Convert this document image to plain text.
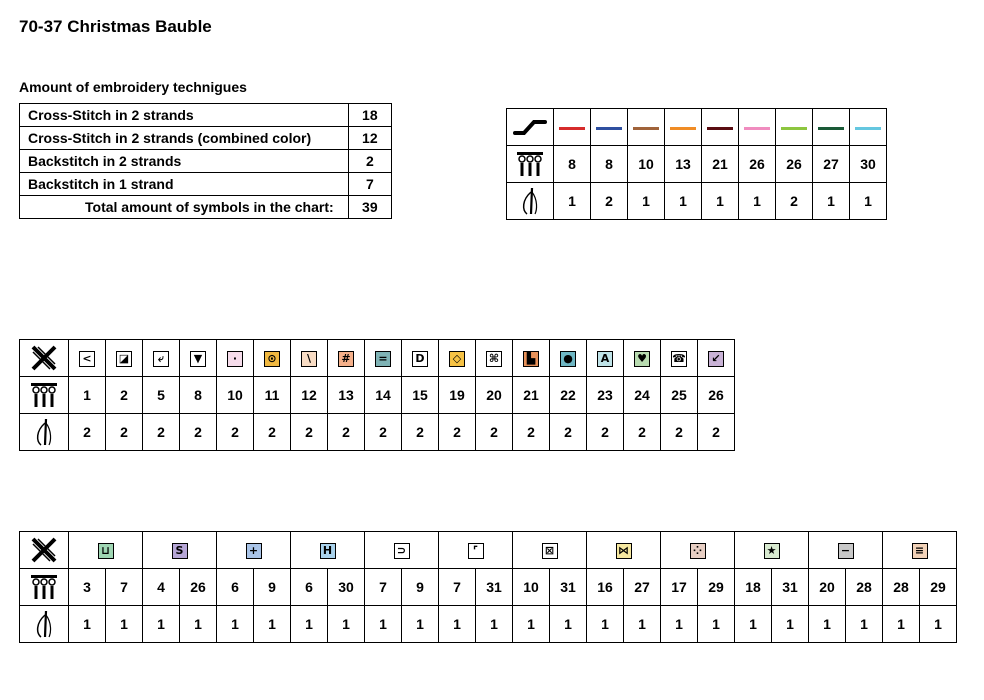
70-37 Christmas Bauble
Amount of embroidery technigues
Cross-Stitch in 2 strands	18
Cross-Stitch in 2 strands (combined color)	12
Backstitch in 2 strands	2
Backstitch in 1 strand	7
Total amount of symbols in the chart:	39

	8	8	10	13	21	26	26	27	30

	1	2	1	1	1	1	2	1	1
	<	◪	⤶	▼	·	⊙	\	#	=	D	◇	⌘	▙	●	A	♥	☎	↙

	1	2	5	8	10	11	12	13	14	15	19	20	21	22	23	24	25	26

	2	2	2	2	2	2	2	2	2	2	2	2	2	2	2	2	2	2
	⊔		S		+		H		⊃		⌜		⊠		⋈		⁘		★		−		≡	

	3	7	4	26	6	9	6	30	7	9	7	31	10	31	16	27	17	29	18	31	20	28	28	29

	1	1	1	1	1	1	1	1	1	1	1	1	1	1	1	1	1	1	1	1	1	1	1	1
